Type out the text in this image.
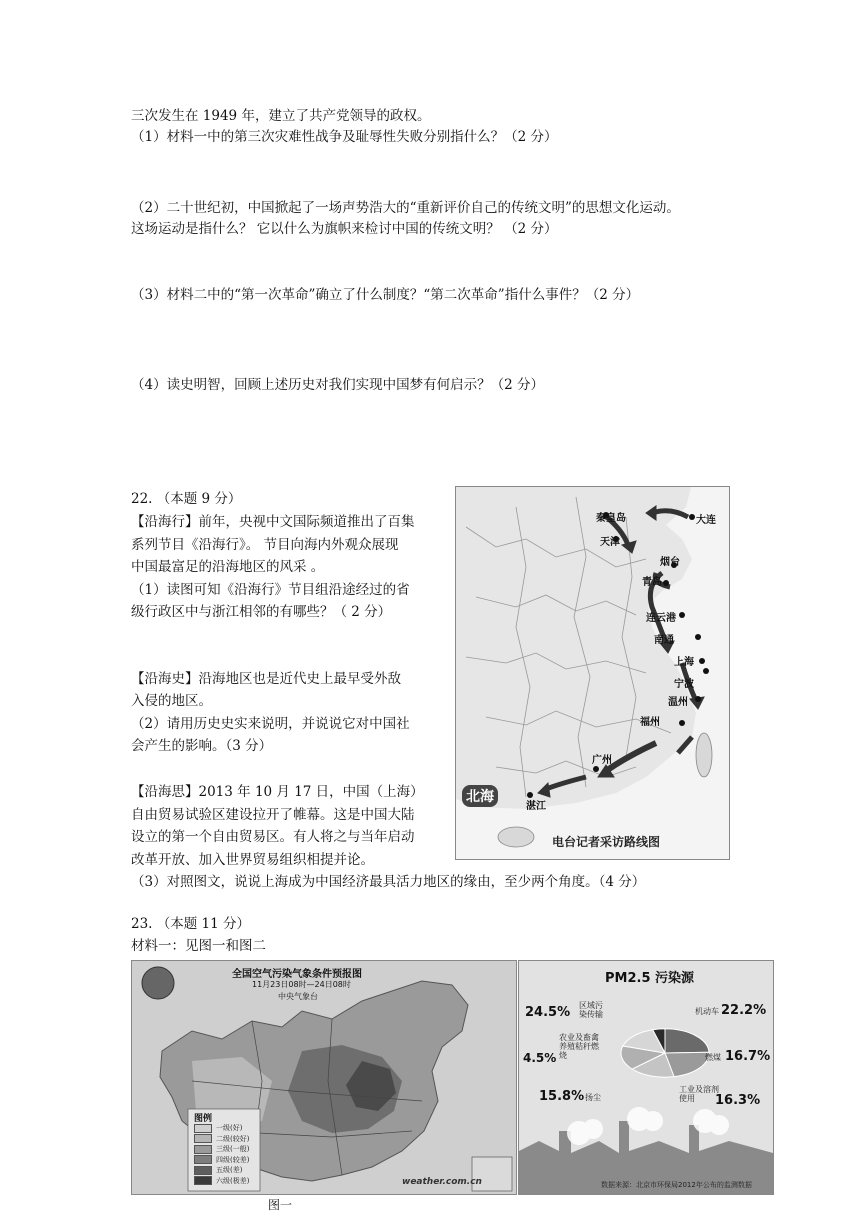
三次发生在 1949 年，建立了共产党领导的政权。
（1）材料一中的第三次灾难性战争及耻辱性失败分别指什么？（2 分）
（2）二十世纪初，中国掀起了一场声势浩大的“重新评价自己的传统文明”的思想文化运动。
这场运动是指什么？ 它以什么为旗帜来检讨中国的传统文明？ （2 分）
（3）材料二中的“第一次革命”确立了什么制度？“第二次革命”指什么事件？（2 分）
（4）读史明智，回顾上述历史对我们实现中国梦有何启示？（2 分）
22. （本题 9 分）
【沿海行】前年，央视中文国际频道推出了百集
系列节目《沿海行》。 节目向海内外观众展现
中国最富足的沿海地区的风采 。
（1）读图可知《沿海行》节目组沿途经过的省
级行政区中与浙江相邻的有哪些？（ 2 分）
【沿海史】沿海地区也是近代史上最早受外敌
入侵的地区。
（2）请用历史史实来说明，并说说它对中国社
会产生的影响。（3 分）
【沿海思】2013 年 10 月 17 日，中国（上海）
自由贸易试验区建设拉开了帷幕。这是中国大陆
设立的第一个自由贸易区。有人将之与当年启动
改革开放、加入世界贸易组织相提并论。
（3）对照图文，说说上海成为中国经济最具活力地区的缘由，至少两个角度。（4 分）
秦皇岛	大连
天津
烟台
青岛
连云港
南通
上海
宁波
温州
福州
广州
湛江
北海
电台记者采访路线图
23. （本题 11 分）
材料一：见图一和图二
全国空气污染气象条件预报图
11月23日08时—24日08时
中央气象台
图例
一级(好)
二级(较好)
三级(一般)
四级(较差)
五级(差)
六级(极差)	weather.com.cn
图一
PM2.5 污染源
24.5% 区域污染传输	机动车 22.2%
4.5%
农业及畜禽养殖秸秆燃烧	燃煤 16.7%
15.8% 扬尘
工业及溶剂使用	16.3%
数据来源：北京市环保局2012年公布的监测数据
